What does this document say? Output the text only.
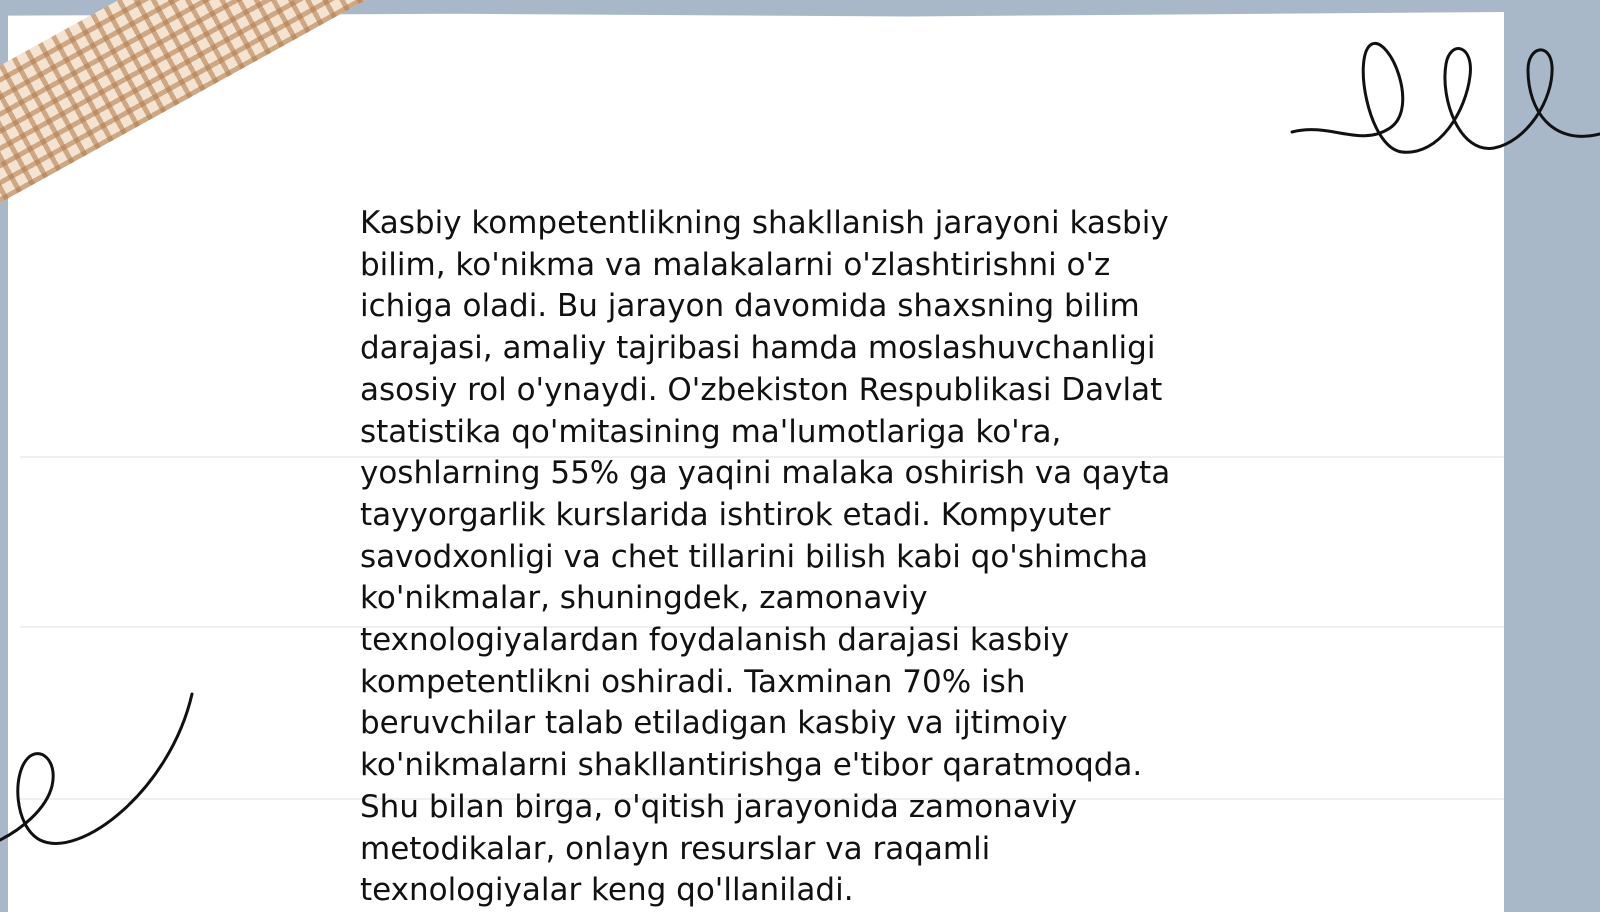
Kasbiy kompetentlikning shakllanish jarayoni kasbiy
bilim, ko'nikma va malakalarni o'zlashtirishni o'z
ichiga oladi. Bu jarayon davomida shaxsning bilim
darajasi, amaliy tajribasi hamda moslashuvchanligi
asosiy rol o'ynaydi. O'zbekiston Respublikasi Davlat
statistika qo'mitasining ma'lumotlariga ko'ra,
yoshlarning 55% ga yaqini malaka oshirish va qayta
tayyorgarlik kurslarida ishtirok etadi. Kompyuter
savodxonligi va chet tillarini bilish kabi qo'shimcha
ko'nikmalar, shuningdek, zamonaviy
texnologiyalardan foydalanish darajasi kasbiy
kompetentlikni oshiradi. Taxminan 70% ish
beruvchilar talab etiladigan kasbiy va ijtimoiy
ko'nikmalarni shakllantirishga e'tibor qaratmoqda.
Shu bilan birga, o'qitish jarayonida zamonaviy
metodikalar, onlayn resurslar va raqamli
texnologiyalar keng qo'llaniladi.
